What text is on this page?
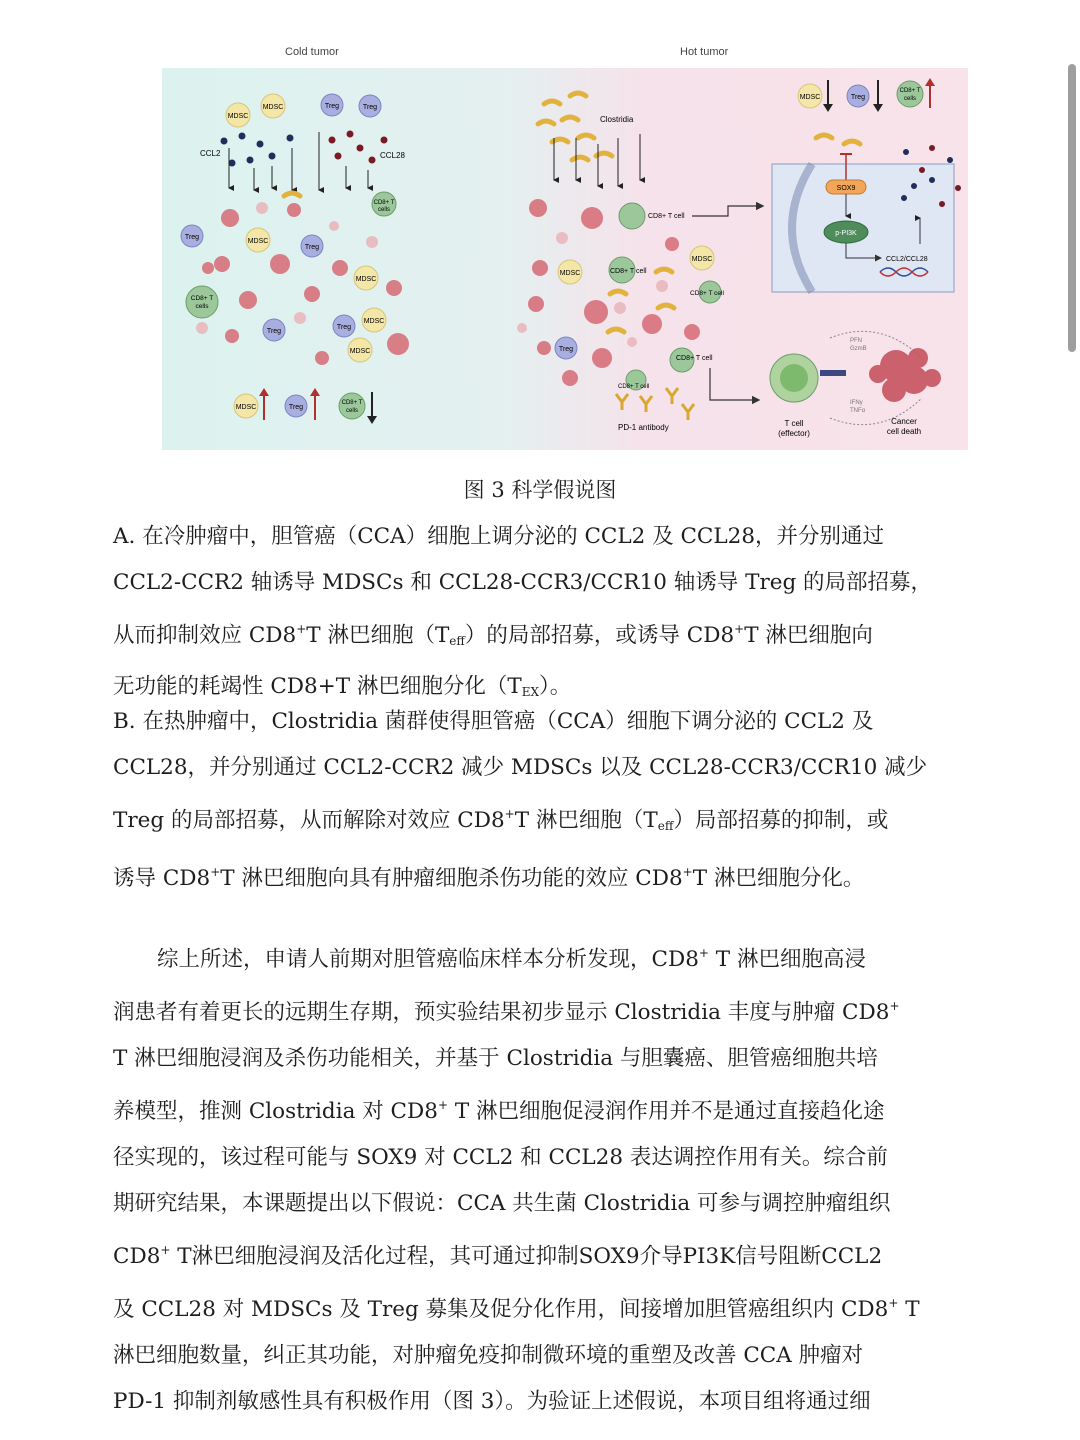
Cold tumor	Hot tumor
MDSC
MDSC	Treg	Treg
CCL2	CCL28
Treg
MDSC
Treg
CD8+ T
cells
MDSC
CD8+ T
cells
Treg
Treg
MDSC
MDSC
MDSC	Treg
CD8+ T
cells
Clostridia
CD8+ T cell
MDSC	CD8+ T cell
MDSC
CD8+ T cell
Treg
CD8+ T cell
CD8+ T cell
PD-1 antibody
MDSC	Treg
CD8+ T
cells
SOX9
p-PI3K
CCL2/CCL28
T cell
(effector)
PFN
GzmB
IFNγ
TNFα
Cancer
cell death
图 3 科学假说图
A. 在冷肿瘤中，胆管癌（CCA）细胞上调分泌的 CCL2 及 CCL28，并分别通过
CCL2-CCR2 轴诱导 MDSCs 和 CCL28-CCR3/CCR10 轴诱导 Treg 的局部招募，
从而抑制效应 CD8+T 淋巴细胞$(T_{eff})$的局部招募，或诱导 CD8+T 淋巴细胞向
无功能的耗竭性 CD8+T 淋巴细胞分化$(T_{EX})$。
B. 在热肿瘤中，Clostridia 菌群使得胆管癌（CCA）细胞下调分泌的 CCL2 及
CCL28，并分别通过 CCL2-CCR2 减少 MDSCs 以及 CCL28-CCR3/CCR10 减少
Treg 的局部招募，从而解除对效应 CD8+T 淋巴细胞$(T_{eff})$局部招募的抑制，或
诱导 CD8+T 淋巴细胞向具有肿瘤细胞杀伤功能的效应 CD8+T 淋巴细胞分化。
综上所述，申请人前期对胆管癌临床样本分析发现，CD8+ T 淋巴细胞高浸
润患者有着更长的远期生存期，预实验结果初步显示 Clostridia 丰度与肿瘤 CD8+
T 淋巴细胞浸润及杀伤功能相关，并基于 Clostridia 与胆囊癌、胆管癌细胞共培
养模型，推测 Clostridia 对 CD8+ T 淋巴细胞促浸润作用并不是通过直接趋化途
径实现的，该过程可能与 SOX9 对 CCL2 和 CCL28 表达调控作用有关。综合前
期研究结果，本课题提出以下假说：CCA 共生菌 Clostridia 可参与调控肿瘤组织
CD8+ T淋巴细胞浸润及活化过程，其可通过抑制SOX9介导PI3K信号阻断CCL2
及 CCL28 对 MDSCs 及 Treg 募集及促分化作用，间接增加胆管癌组织内 CD8+ T
淋巴细胞数量，纠正其功能，对肿瘤免疫抑制微环境的重塑及改善 CCA 肿瘤对
PD-1 抑制剂敏感性具有积极作用（图 3）。为验证上述假说，本项目组将通过细
